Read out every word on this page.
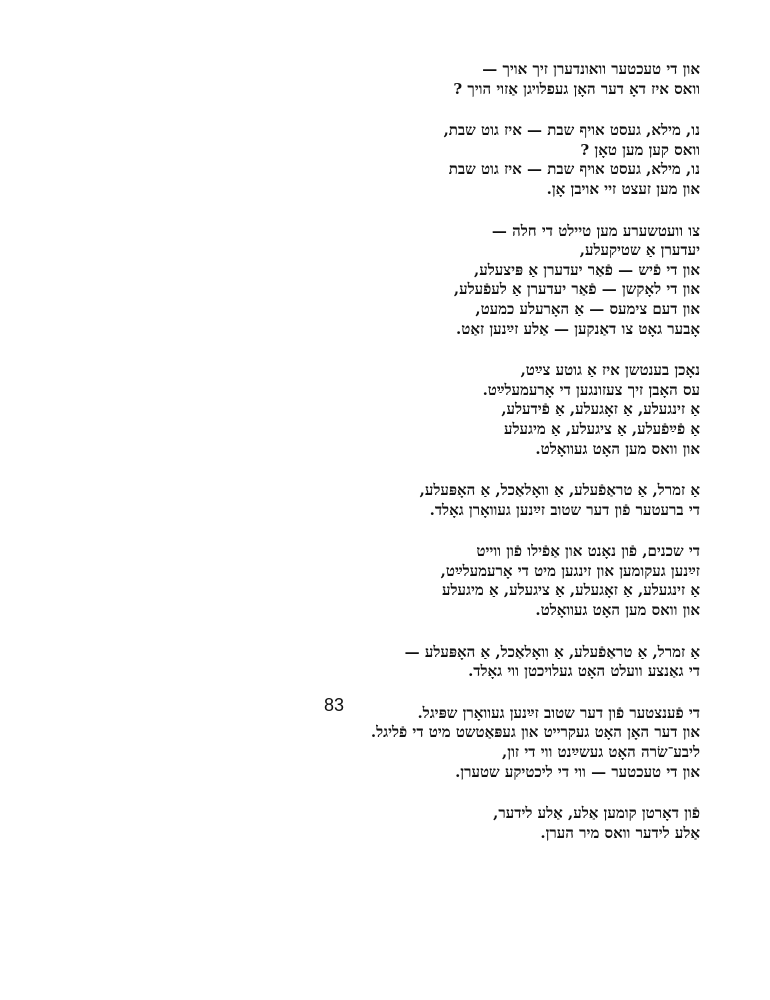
און די טעכטער וואונדערן זיך אויך —
וואס איז דאָ דער האָן געפלויגן אַזוי הויך ?
נו, מילא, געסט אויף שבת — איז גוט שבת,
וואס קען מען טאָן ?
נו, מילא, געסט אויף שבת — איז גוט שבת
און מען זעצט זיי אויבן אָן.
צו וועטשערע מען טיילט די חלה —
יעדערן אַ שטיקעלע,
און די פֿיש — פֿאַר יעדערן אַ פּיצעלע,
און די לאָקשן — פֿאַר יעדערן אַ לעפֿעלע,
און דעם צימעס — אַ האָרעלע כמעט,
אָבער גאָט צו דאַנקען — אַלע זײַנען זאַט.
נאָכן בענטשן איז אַ גוטע צײַט,
עס האָבן זיך צעזונגען די אָרעמעלײַט.
אַ זינגעלע, אַ זאָגעלע, אַ פֿידעלע,
אַ פֿײַפֿעלע, אַ ציגעלע, אַ מיגעלע
און וואס מען האָט געוואָלט.
אַ זמרל, אַ טראַפֿעלע, אַ וואָלאַכל, אַ האָפּעלע,
די ברעטער פֿון דער שטוב זײַנען געוואָרן גאָלד.
די שכנים, פֿון נאָנט און אַפֿילו פֿון ווייט
זײַנען געקומען און זינגען מיט די אָרעמעלײַט,
אַ זינגעלע, אַ זאָגעלע, אַ ציגעלע, אַ מיגעלע
און וואס מען האָט געוואָלט.
אַ זמרל, אַ טראַפֿעלע, אַ וואָלאַכל, אַ האָפּעלע —
די גאַנצע וועלט האָט געלויכטן ווי גאָלד.
די פֿענצטער פֿון דער שטוב זײַנען געוואָרן שפּיגל.
און דער האָן האָט געקרייט און געפּאַטשט מיט די פֿליגל.
ליבע־שׂרה האָט געשײַנט ווי די זון,
און די טעכטער — ווי די ליכטיקע שטערן.
פֿון דאָרטן קומען אַלע, אַלע לידער,
אַלע לידער וואס מיר הערן.
83
